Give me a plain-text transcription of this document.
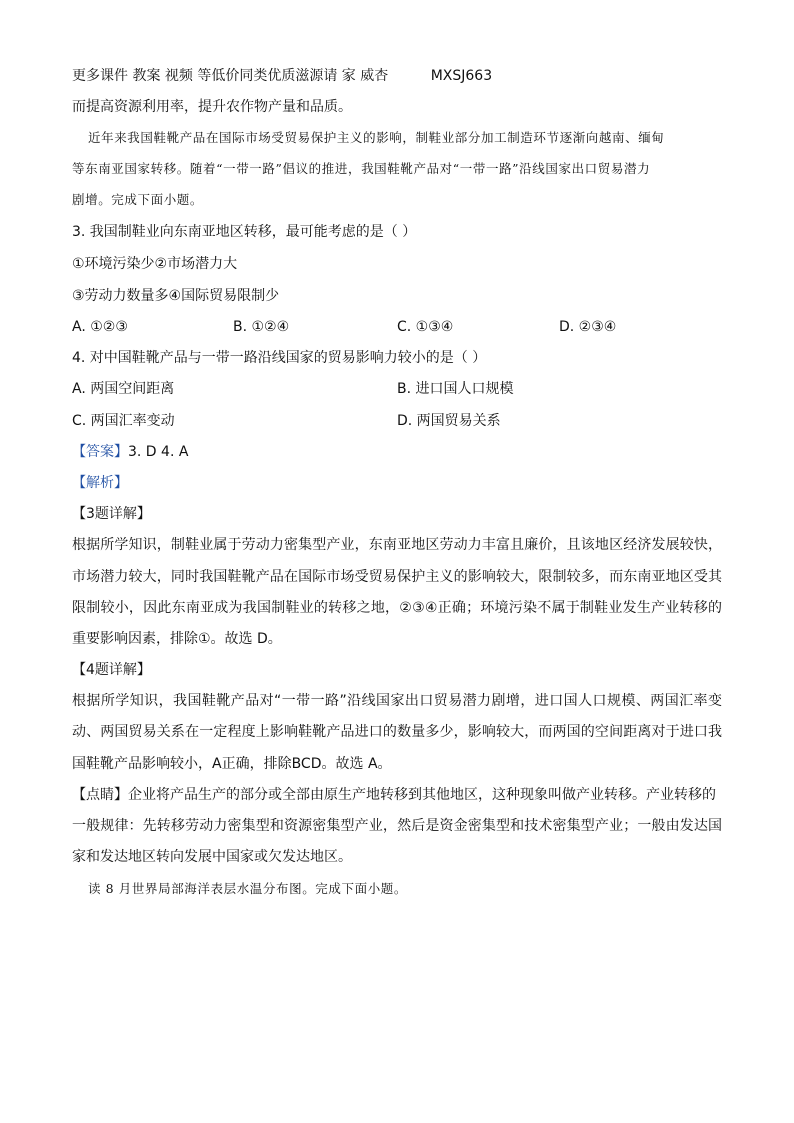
更多课件 教案 视频 等低价同类优质滋源请 家 威杏	MXSJ663
而提高资源利用率，提升农作物产量和品质。
近年来我国鞋靴产品在国际市场受贸易保护主义的影响，制鞋业部分加工制造环节逐渐向越南、缅甸
等东南亚国家转移。随着“一带一路”倡议的推进，我国鞋靴产品对“一带一路”沿线国家出口贸易潜力
剧增。完成下面小题。
3. 我国制鞋业向东南亚地区转移，最可能考虑的是（ ）
①环境污染少②市场潜力大
③劳动力数量多④国际贸易限制少
A. ①②③	B. ①②④	C. ①③④	D. ②③④
4. 对中国鞋靴产品与一带一路沿线国家的贸易影响力较小的是（ ）
A. 两国空间距离	B. 进口国人口规模
C. 两国汇率变动	D. 两国贸易关系
【答案】3. D 4. A
【解析】
【3题详解】
根据所学知识，制鞋业属于劳动力密集型产业，东南亚地区劳动力丰富且廉价，且该地区经济发展较快，
市场潜力较大，同时我国鞋靴产品在国际市场受贸易保护主义的影响较大，限制较多，而东南亚地区受其
限制较小，因此东南亚成为我国制鞋业的转移之地，②③④正确；环境污染不属于制鞋业发生产业转移的
重要影响因素，排除①。故选 D。
【4题详解】
根据所学知识，我国鞋靴产品对“一带一路”沿线国家出口贸易潜力剧增，进口国人口规模、两国汇率变
动、两国贸易关系在一定程度上影响鞋靴产品进口的数量多少，影响较大，而两国的空间距离对于进口我
国鞋靴产品影响较小，A正确，排除BCD。故选 A。
【点睛】企业将产品生产的部分或全部由原生产地转移到其他地区，这种现象叫做产业转移。产业转移的
一般规律：先转移劳动力密集型和资源密集型产业，然后是资金密集型和技术密集型产业；一般由发达国
家和发达地区转向发展中国家或欠发达地区。
读 8 月世界局部海洋表层水温分布图。完成下面小题。
